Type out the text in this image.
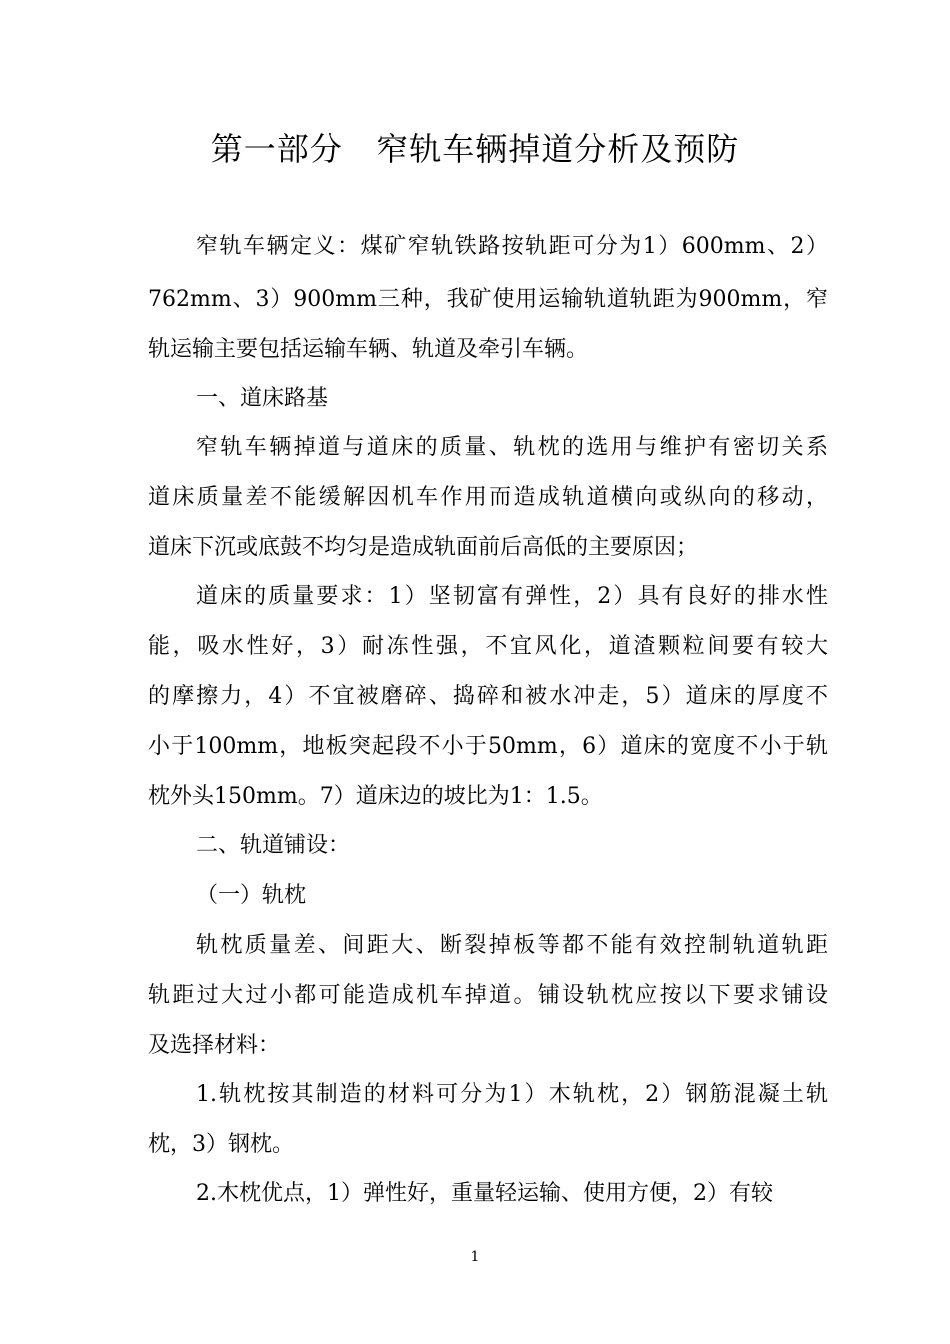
第一部分   窄轨车辆掉道分析及预防
窄轨车辆定义：煤矿窄轨铁路按轨距可分为1）600mm、2）
762mm、3）900mm三种，我矿使用运输轨道轨距为900mm，窄
轨运输主要包括运输车辆、轨道及牵引车辆。
一、道床路基
窄轨车辆掉道与道床的质量、轨枕的选用与维护有密切关系
道床质量差不能缓解因机车作用而造成轨道横向或纵向的移动，
道床下沉或底鼓不均匀是造成轨面前后高低的主要原因；
道床的质量要求：1）坚韧富有弹性，2）具有良好的排水性
能，吸水性好，3）耐冻性强，不宜风化，道渣颗粒间要有较大
的摩擦力，4）不宜被磨碎、捣碎和被水冲走，5）道床的厚度不
小于100mm，地板突起段不小于50mm，6）道床的宽度不小于轨
枕外头150mm。7）道床边的坡比为1：1.5。
二、轨道铺设：
（一）轨枕
轨枕质量差、间距大、断裂掉板等都不能有效控制轨道轨距
轨距过大过小都可能造成机车掉道。铺设轨枕应按以下要求铺设
及选择材料：
1.轨枕按其制造的材料可分为1）木轨枕，2）钢筋混凝土轨
枕，3）钢枕。
2.木枕优点，1）弹性好，重量轻运输、使用方便，2）有较
1
